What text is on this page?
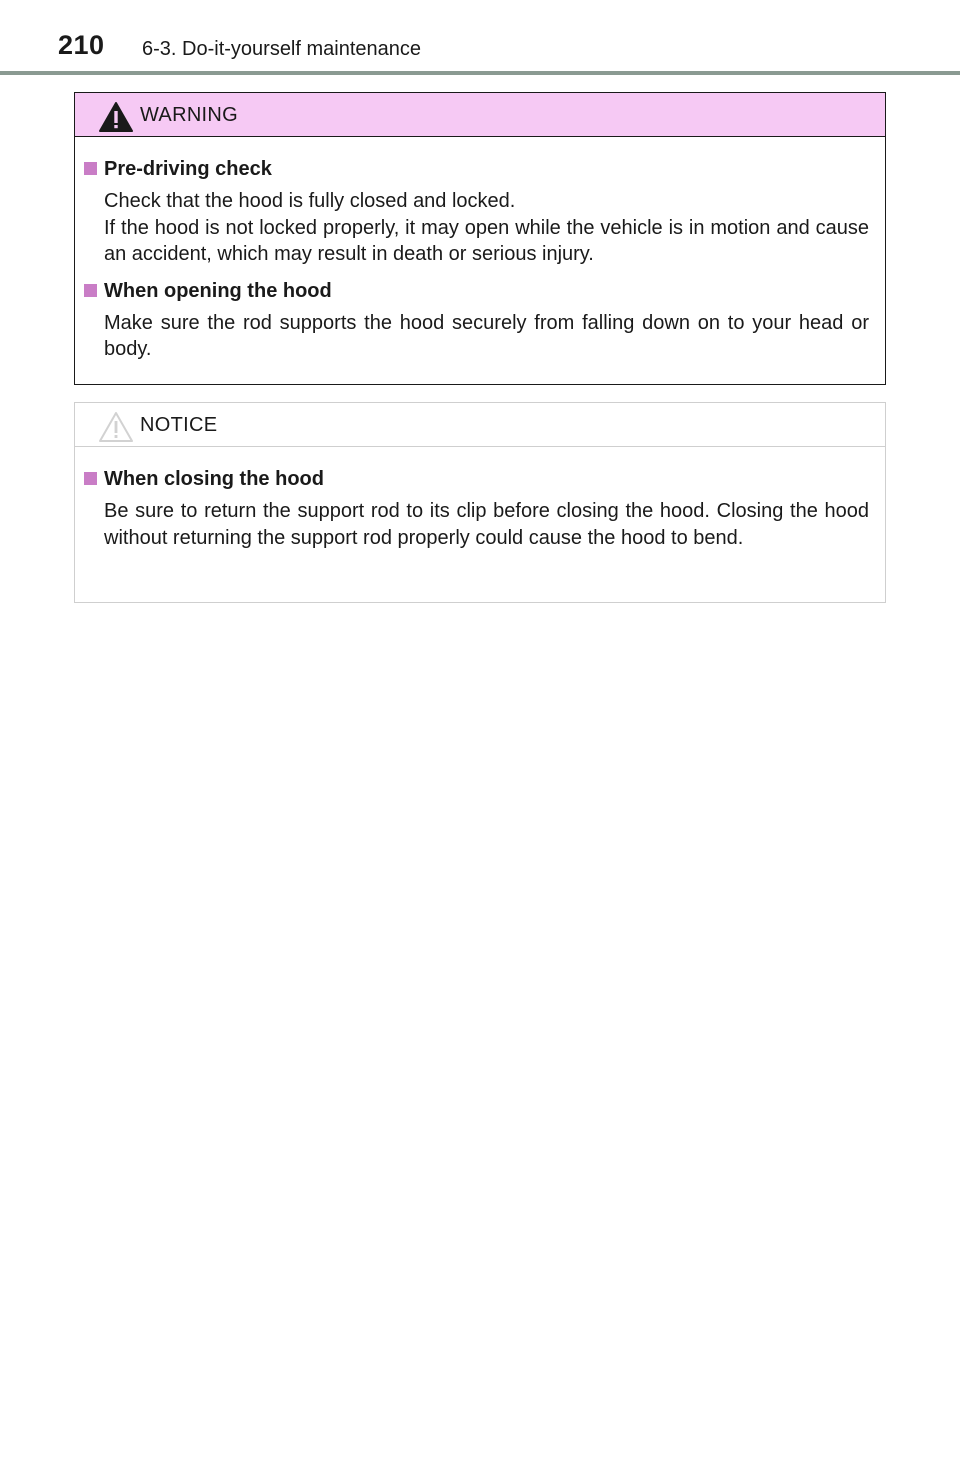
210 6-3. Do-it-yourself maintenance
WARNING
Pre-driving check

Check that the hood is fully closed and locked.

If the hood is not locked properly, it may open while the vehicle is in motion and cause an accident, which may result in death or serious injury.

When opening the hood

Make sure the rod supports the hood securely from falling down on to your head or body.

NOTICE
When closing the hood

Be sure to return the support rod to its clip before closing the hood. Closing the hood without returning the support rod properly could cause the hood to bend.
